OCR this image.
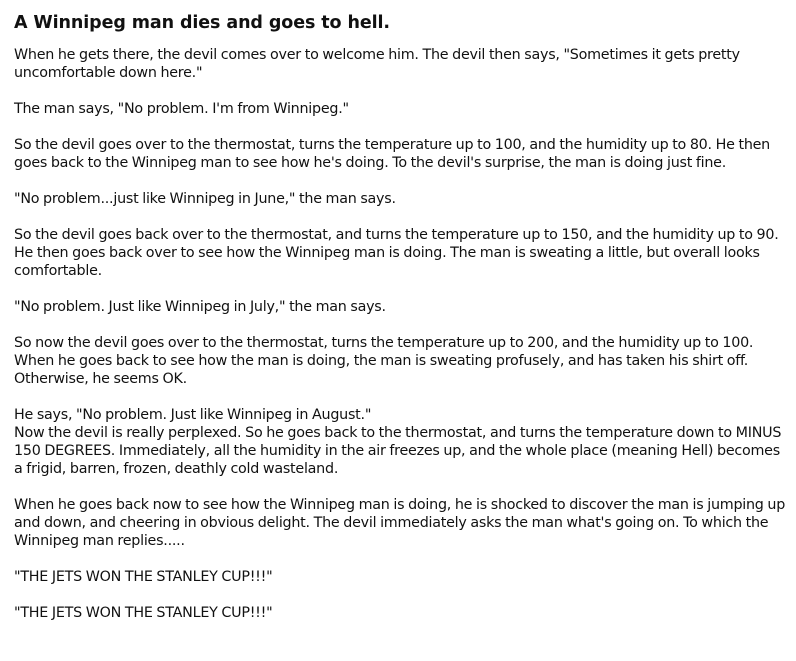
A Winnipeg man dies and goes to hell.

When he gets there, the devil comes over to welcome him. The devil then says, "Sometimes it gets pretty uncomfortable down here."

The man says, "No problem. I'm from Winnipeg."

So the devil goes over to the thermostat, turns the temperature up to 100, and the humidity up to 80. He then goes back to the Winnipeg man to see how he's doing. To the devil's surprise, the man is doing just fine.

"No problem...just like Winnipeg in June," the man says.

So the devil goes back over to the thermostat, and turns the temperature up to 150, and the humidity up to 90. He then goes back over to see how the Winnipeg man is doing. The man is sweating a little, but overall looks comfortable.

"No problem. Just like Winnipeg in July," the man says.

So now the devil goes over to the thermostat, turns the temperature up to 200, and the humidity up to 100. When he goes back to see how the man is doing, the man is sweating profusely, and has taken his shirt off. Otherwise, he seems OK.

He says, "No problem. Just like Winnipeg in August."

Now the devil is really perplexed. So he goes back to the thermostat, and turns the temperature down to MINUS 150 DEGREES. Immediately, all the humidity in the air freezes up, and the whole place (meaning Hell) becomes a frigid, barren, frozen, deathly cold wasteland.

When he goes back now to see how the Winnipeg man is doing, he is shocked to discover the man is jumping up and down, and cheering in obvious delight. The devil immediately asks the man what's going on. To which the Winnipeg man replies.....

"THE JETS WON THE STANLEY CUP!!!"

"THE JETS WON THE STANLEY CUP!!!"
